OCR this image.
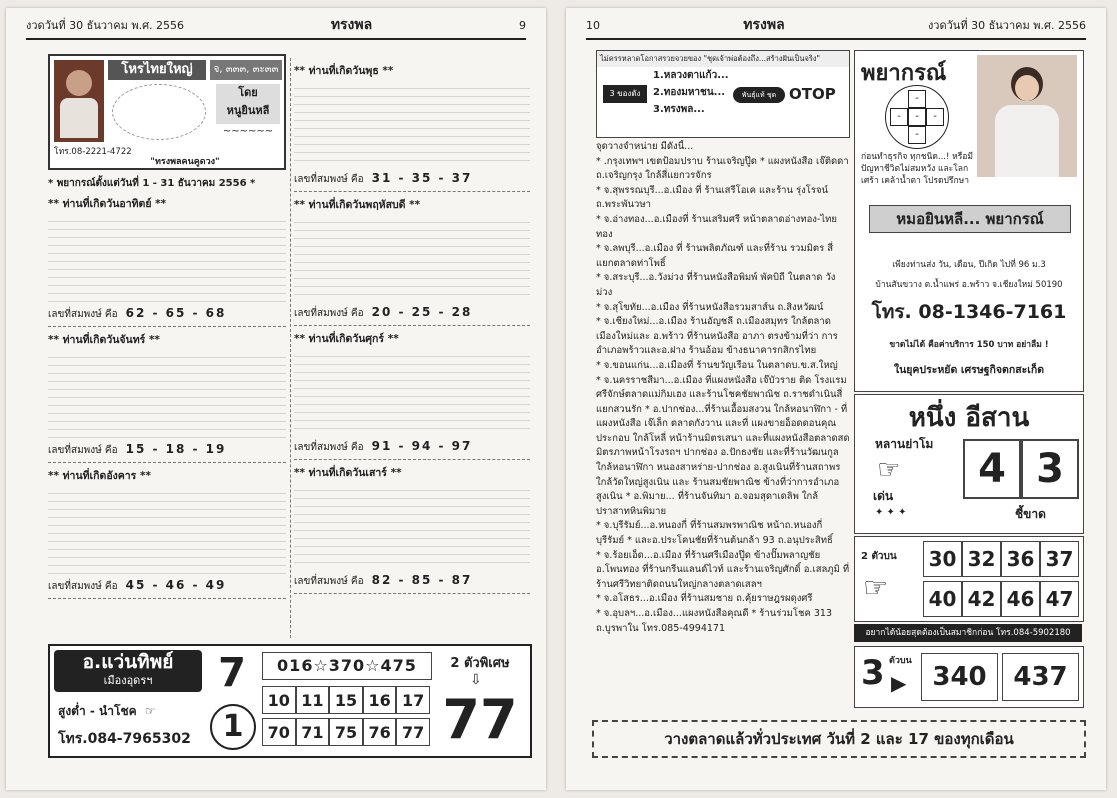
งวดวันที่ 30 ธันวาคม พ.ศ. 2556	ทรงพล	9
โหรไทยใหญ่	จ, ๓๓๓, ๓ะ๓๓
โดย
หนูยินหลี
~~~~~~
โทร.08-2221-4722
"ทรงพลคนคูดวง"
* พยากรณ์ตั้งแต่วันที่ 1 - 31 ธันวาคม 2556 *
** ท่านที่เกิดวันอาทิตย์ **
เลขที่สมพงษ์ คือ 62 - 65 - 68
** ท่านที่เกิดวันจันทร์ **
เลขที่สมพงษ์ คือ 15 - 18 - 19
** ท่านที่เกิดอังคาร **
เลขที่สมพงษ์ คือ 45 - 46 - 49
** ท่านที่เกิดวันพุธ **
เลขที่สมพงษ์ คือ 31 - 35 - 37
** ท่านที่เกิดวันพฤหัสบดี **
เลขที่สมพงษ์ คือ 20 - 25 - 28
** ท่านที่เกิดวันศุกร์ **
เลขที่สมพงษ์ คือ 91 - 94 - 97
** ท่านที่เกิดวันเสาร์ **
เลขที่สมพงษ์ คือ 82 - 85 - 87
อ.แว่นทิพย์
เมืองอุดรฯ
สูงต่ำ - นำโชค ☞
โทร.084-7965302
7
1
016☆370☆475
10 11 15 16 17
70 71 75 76 77
2 ตัวพิเศษ
⇩
77
10	ทรงพล	งวดวันที่ 30 ธันวาคม พ.ศ. 2556
ไม่ครรหลาดโอกาสรวยจวยของ "ชุดเจ้าพ่อต้องถึง...สร้างฝันเป็นจริง"
3 ของดัง
1.หลวงตาแก้ว...
2.ทองมหาชน...
3.ทรงพล...
พันธุ์แท้ ชุด OTOP
จุดวางจำหน่าย มีดังนี้...
* .กรุงเทพฯ เขตป้อมปราบ ร้านเจริญปู๊ด * แผงหนังสือ เจ๊ติดดา ถ.เจริญกรุง ใกล้สี่แยกวรจักร
* จ.สุพรรณบุรี...อ.เมือง ที่ ร้านเสรีโอเค และร้าน รุ่งโรจน์ ถ.พระพันวษา
* จ.อ่างทอง...อ.เมืองที่ ร้านเสริมศรี หน้าตลาดอ่างทอง-ไทยทอง
* จ.ลพบุรี...อ.เมือง ที่ ร้านพลิตภัณฑ์ และที่ร้าน รวมมิตร สี่แยกตลาดท่าโพธิ์
* จ.สระบุรี...อ.วังม่วง ที่ร้านหนังสือพิมพ์ พัคบิถี ในตลาด วังม่วง
* จ.สุโขทัย...อ.เมือง ที่ร้านหนังสือรวมสาส์น ถ.สิงหวัฒน์
* จ.เชียงใหม่...อ.เมือง ร้านอัญชลี ถ.เมืองสมุทร ใกล้ตลาด เมืองใหม่และ อ.พร้าว ที่ร้านหนังสือ อาภา ตรงข้ามที่ว่า การอำเภอพร้าวและอ.ฝาง ร้านอ้อม ข้างธนาคารกสิกรไทย
* จ.ขอนแก่น...อ.เมืองที่ ร้านขวัญเรือน ในตลาดบ.ข.ส.ใหญ่
* จ.นครราชสีมา...อ.เมือง ที่แผงหนังสือ เจ๊บัวราย ติด โรงแรมศรีจักษ์ตลาดแม่กิมเฮง และร้านโชคชัยพาณิช ถ.ราชดำเนินสี่แยกสวนรัก * อ.ปากช่อง...ที่ร้านเอื้อมสงวน ใกล้หอนาฬิกา - ที่แผงหนังสือ เจ๊เล็ก ตลาดกังวาน และที่ แผงขายอ็อดดอนคุณประกอบ ใกล้โหลี่ หน้าร้านมิตรเสนา และที่แผงหนังสือตลาดสดมิตรภาพหน้าโรงรถฯ ปากช่อง อ.ปักธงชัย และที่ร้านวัฒนกูล ใกล้หอนาฬิกา หนองสาหร่าย-ปากช่อง อ.สูงเนินที่ร้านสถาพร ใกล้วัดใหญ่สูงเนิน และ ร้านสมชัยพาณิช ข้างที่ว่าการอำเภอสูงเนิน * อ.พิมาย... ที่ร้านจันทิมา อ.จอมสุดาเดลิพ ใกล้ปราสาทหินพิมาย
* จ.บุรีรัมย์...อ.หนองกี่ ที่ร้านสมพรพาณิช หน้าถ.หนองกี่ บุรีรัมย์ * และอ.ประโคนชัยที่ร้านต้นกล้า 93 ถ.อนุประสิทธิ์
* จ.ร้อยเอ็ด...อ.เมือง ที่ร้านศรีเมืองปู๊ด ข้างปั๊มพลาญชัย อ.โพนทอง ที่ร้านกรีนแลนด์ไวท์ และร้านเจริญศักดิ์ อ.เสลภูมิ ที่ร้านศรีวิทยาติดถนนใหญ่กลางตลาดเสลฯ
* จ.อโสธร...อ.เมือง ที่ร้านสมชาย ถ.คุ้ยราษฎรผดุงศรี
* จ.อุบลฯ...อ.เมือง...แผงหนังสือคุณดี * ร้านร่วมโชค 313 ถ.บูรพาใน โทร.085-4994171
พยากรณ์
-
-	-	-
-
ก่อนทำธุรกิจ ทุกชนิด...! หรือมีปัญหาชีวิตไม่สมหวัง และโลกเศร้า เคล้าน้ำตา โปรดปรึกษา
หมอยินหลี... พยากรณ์
เพียงท่านส่ง วัน, เดือน, ปีเกิด ไปที่ 96 ม.3
บ้านสันขวาง ต.น้ำแพร่ อ.พร้าว จ.เชียงใหม่ 50190
โทร. 08-1346-7161
ขาดไม่ได้ คือค่าบริการ 150 บาท อย่าลืม !
ในยุคประหยัด เศรษฐกิจตกสะเก็ด
หนึ่ง อีสาน
หลานย่าโม
☞
เด่น
✦ ✦ ✦
4 3
ชี้ขาด
2 ตัวบน
☞
30 32 36 37
40 42 46 47
อยากได้น้อยสุดต้องเป็นสมาชิกก่อน โทร.084-5902180
3 ตัวบน
▶ 340	437
วางตลาดแล้วทั่วประเทศ วันที่ 2 และ 17 ของทุกเดือน
